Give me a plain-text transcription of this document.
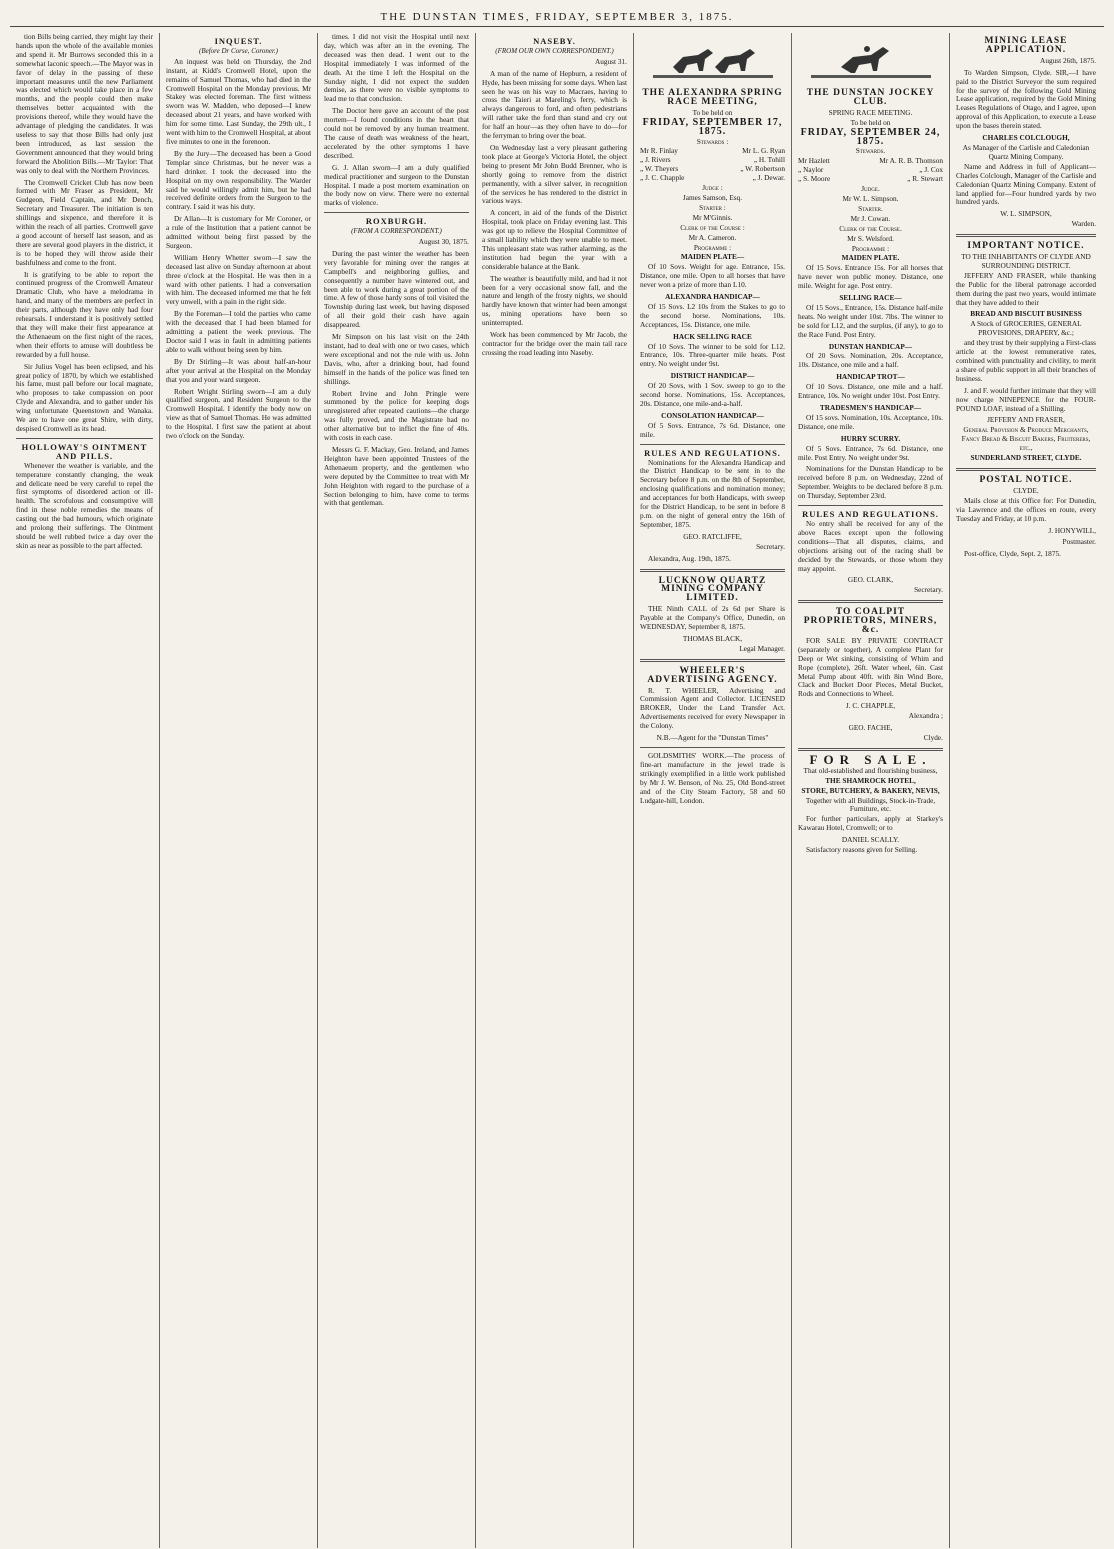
THE DUNSTAN TIMES, FRIDAY, SEPTEMBER 3, 1875.

tion Bills being carried, they might lay their hands upon the whole of the available monies and spend it. Mr Burrows seconded this in a somewhat laconic speech.—The Mayor was in favor of delay in the passing of these important measures until the new Parliament was elected which would take place in a few months, and the people could then make themselves better acquainted with the provisions thereof, while they would have the advantage of pledging the candidates. It was useless to say that those Bills had only just been introduced, as last session the Government announced that they would bring forward the Abolition Bills.—Mr Taylor: That was only to deal with the Northern Provinces.

The Cromwell Cricket Club has now been formed with Mr Fraser as President, Mr Gudgeon, Field Captain, and Mr Dench, Secretary and Treasurer. The initiation is ten shillings and sixpence, and therefore it is within the reach of all parties. Cromwell gave a good account of herself last season, and as there are several good players in the district, it is to be hoped they will throw aside their bashfulness and come to the front.

It is gratifying to be able to report the continued progress of the Cromwell Amateur Dramatic Club, who have a melodrama in hand, and many of the members are perfect in their parts, although they have only had four rehearsals. I understand it is positively settled that they will make their first appearance at the Athenaeum on the first night of the races, when their efforts to amuse will doubtless be rewarded by a full house.

Sir Julius Vogel has been eclipsed, and his great policy of 1870, by which we established his fame, must pall before our local magnate, who proposes to take compassion on poor Clyde and Alexandra, and to gather under his wing unfortunate Queenstown and Wanaka. We are to have one great Shire, with dirty, despised Cromwell as its head.

HOLLOWAY'S OINTMENT AND PILLS.

Whenever the weather is variable, and the temperature constantly changing, the weak and delicate need be very careful to repel the first symptoms of disordered action or ill-health. The scrofulous and consumptive will find in these noble remedies the means of casting out the bad humours, which originate and prolong their sufferings. The Ointment should be well rubbed twice a day over the skin as near as possible to the part affected.

INQUEST.
(Before Dr Corse, Coroner.)

An inquest was held on Thursday, the 2nd instant, at Kidd's Cromwell Hotel, upon the remains of Samuel Thomas, who had died in the Cromwell Hospital on the Monday previous. Mr Stakey was elected foreman. The first witness sworn was W. Madden, who deposed—I knew deceased about 21 years, and have worked with him for some time. Last Sunday, the 29th ult., I went with him to the Cromwell Hospital, at about five minutes to one in the forenoon.

By the Jury—The deceased has been a Good Templar since Christmas, but he never was a hard drinker. I took the deceased into the Hospital on my own responsibility. The Warder said he would willingly admit him, but he had received definite orders from the Surgeon to the contrary. I said it was his duty.

Dr Allan—It is customary for Mr Coroner, or a rule of the Institution that a patient cannot be admitted without being first passed by the Surgeon.

William Henry Whetter sworn—I saw the deceased last alive on Sunday afternoon at about three o'clock at the Hospital. He was then in a ward with other patients. I had a conversation with him. The deceased informed me that he felt very unwell, with a pain in the right side.

By the Foreman—I told the parties who came with the deceased that I had been blamed for admitting a patient the week previous. The Doctor said I was in fault in admitting patients able to walk without being seen by him.

By Dr Stirling—It was about half-an-hour after your arrival at the Hospital on the Monday that you and your ward surgeon.

Robert Wright Stirling sworn—I am a duly qualified surgeon, and Resident Surgeon to the Cromwell Hospital. I identify the body now on view as that of Samuel Thomas. He was admitted to the Hospital. I first saw the patient at about two o'clock on the Sunday.

times. I did not visit the Hospital until next day, which was after an in the evening. The deceased was then dead. I went out to the Hospital immediately I was informed of the death. At the time I left the Hospital on the Sunday night, I did not expect the sudden demise, as there were no visible symptoms to lead me to that conclusion.

The Doctor here gave an account of the post mortem—I found conditions in the heart that could not be removed by any human treatment. The cause of death was weakness of the heart, accelerated by the other symptoms I have described.

G. J. Allan sworn—I am a duly qualified medical practitioner and surgeon to the Dunstan Hospital. I made a post mortem examination on the body now on view. There were no external marks of violence.

ROXBURGH.
(FROM A CORRESPONDENT.)

August 30, 1875.

During the past winter the weather has been very favorable for mining over the ranges at Campbell's and neighboring gullies, and consequently a number have wintered out, and been able to work during a great portion of the time. A few of those hardy sons of toil visited the Township during last week, but having disposed of all their gold their cash have again disappeared.

Mr Simpson on his last visit on the 24th instant, had to deal with one or two cases, which were exceptional and not the rule with us. John Davis, who, after a drinking bout, had found himself in the hands of the police was fined ten shillings.

Robert Irvine and John Pringle were summoned by the police for keeping dogs unregistered after repeated cautions—the charge was fully proved, and the Magistrate had no other alternative but to inflict the fine of 40s. with costs in each case.

Messrs G. F. Mackay, Geo. Ireland, and James Heighton have been appointed Trustees of the Athenaeum property, and the gentlemen who were deputed by the Committee to treat with Mr John Heighton with regard to the purchase of a Section belonging to him, have come to terms with that gentleman.

NASEBY.
(FROM OUR OWN CORRESPONDENT.)

August 31.

A man of the name of Hepburn, a resident of Hyde, has been missing for some days. When last seen he was on his way to Macraes, having to cross the Taieri at Mareling's ferry, which is always dangerous to ford, and often pedestrians will rather take the ford than stand and cry out for half an hour—as they often have to do—for the ferryman to bring over the boat.

On Wednesday last a very pleasant gathering took place at George's Victoria Hotel, the object being to present Mr John Budd Brenner, who is shortly going to remove from the district permanently, with a silver salver, in recognition of the services he has rendered to the district in various ways.

A concert, in aid of the funds of the District Hospital, took place on Friday evening last. This was got up to relieve the Hospital Committee of a small liability which they were unable to meet. This unpleasant state was rather alarming, as the institution had begun the year with a considerable balance at the Bank.

The weather is beautifully mild, and had it not been for a very occasional snow fall, and the nature and length of the frosty nights, we should hardly have known that winter had been amongst us, mining operations have been so uninterrupted.

Work has been commenced by Mr Jacob, the contractor for the bridge over the main tail race crossing the road leading into Naseby.

THE ALEXANDRA SPRING RACE MEETING,

To be held on

FRIDAY, SEPTEMBER 17, 1875.

Stewards :

Mr R. Finlay	Mr L. G. Ryan
„ J. Rivers	„ H. Tohill
„ W. Theyers	„ W. Robertson
„ J. C. Chapple	„ J. Dewar.

Judge :

James Samson, Esq.

Starter :

Mr M'Ginnis.

Clerk of the Course :

Mr A. Cameron.

Programme :

MAIDEN PLATE—

Of 10 Sovs. Weight for age. Entrance, 15s. Distance, one mile. Open to all horses that have never won a prize of more than L10.

ALEXANDRA HANDICAP—

Of 15 Sovs. L2 10s from the Stakes to go to the second horse. Nominations, 10s. Acceptances, 15s. Distance, one mile.

HACK SELLING RACE

Of 10 Sovs. The winner to be sold for L12. Entrance, 10s. Three-quarter mile heats. Post entry. No weight under 9st.

DISTRICT HANDICAP—

Of 20 Sovs, with 1 Sov. sweep to go to the second horse. Nominations, 15s. Acceptances, 20s. Distance, one mile-and-a-half.

CONSOLATION HANDICAP—

Of 5 Sovs. Entrance, 7s 6d. Distance, one mile.

RULES AND REGULATIONS.

Nominations for the Alexandra Handicap and the District Handicap to be sent in to the Secretary before 8 p.m. on the 8th of September, enclosing qualifications and nomination money; and acceptances for both Handicaps, with sweep for the District Handicap, to be sent in before 8 p.m. on the night of general entry the 16th of September, 1875.

GEO. RATCLIFFE,

Secretary.

Alexandra, Aug. 19th, 1875.

LUCKNOW QUARTZ MINING COMPANY LIMITED.

THE Ninth CALL of 2s 6d per Share is Payable at the Company's Office, Dunedin, on WEDNESDAY, September 8, 1875.

THOMAS BLACK,

Legal Manager.

WHEELER'S ADVERTISING AGENCY.

R. T. WHEELER, Advertising and Commission Agent and Collector. LICENSED BROKER, Under the Land Transfer Act. Advertisements received for every Newspaper in the Colony.

N.B.—Agent for the "Dunstan Times"

GOLDSMITHS' WORK.—The process of fine-art manufacture in the jewel trade is strikingly exemplified in a little work published by Mr J. W. Benson, of No. 25, Old Bond-street and of the City Steam Factory, 58 and 60 Ludgate-hill, London.

THE DUNSTAN JOCKEY CLUB.

SPRING RACE MEETING.

To be held on

FRIDAY, SEPTEMBER 24, 1875.

Stewards.

Mr Hazlett	Mr A. R. B. Thomson
„ Naylor	„ J. Cox
„ S. Moore	„ R. Stewart

Judge.

Mr W. L. Simpson.

Starter.

Mr J. Cowan.

Clerk of the Course.

Mr S. Welsford.

Programme :

MAIDEN PLATE.

Of 15 Sovs. Entrance 15s. For all horses that have never won public money. Distance, one mile. Weight for age. Post entry.

SELLING RACE—

Of 15 Sovs., Entrance, 15s. Distance half-mile heats. No weight under 10st. 7lbs. The winner to be sold for L12, and the surplus, (if any), to go to the Race Fund. Post Entry.

DUNSTAN HANDICAP—

Of 20 Sovs. Nomination, 20s. Acceptance, 10s. Distance, one mile and a half.

HANDICAP TROT—

Of 10 Sovs. Distance, one mile and a half. Entrance, 10s. No weight under 10st. Post Entry.

TRADESMEN'S HANDICAP—

Of 15 sovs. Nomination, 10s. Acceptance, 10s. Distance, one mile.

HURRY SCURRY.

Of 5 Sovs. Entrance, 7s 6d. Distance, one mile. Post Entry. No weight under 9st.

Nominations for the Dunstan Handicap to be received before 8 p.m. on Wednesday, 22nd of September. Weights to be declared before 8 p.m. on Thursday, September 23rd.

RULES AND REGULATIONS.

No entry shall be received for any of the above Races except upon the following conditions—That all disputes, claims, and objections arising out of the racing shall be decided by the Stewards, or those whom they may appoint.

GEO. CLARK,

Secretary.

TO COALPIT PROPRIETORS, MINERS, &c.

FOR SALE BY PRIVATE CONTRACT (separately or together), A complete Plant for Deep or Wet sinking, consisting of Whim and Rope (complete), 26ft. Water wheel, 6in. Cast Metal Pump about 40ft. with 8in Wind Bore, Clack and Bucket Door Pieces, Metal Bucket, Rods and Connections to Wheel.

J. C. CHAPPLE,

Alexandra ;

GEO. FACHE,

Clyde.

FOR SALE.

That old-established and flourishing business,

THE SHAMROCK HOTEL,

STORE, BUTCHERY, & BAKERY, NEVIS,

Together with all Buildings, Stock-in-Trade, Furniture, etc.

For further particulars, apply at Starkey's Kawarau Hotel, Cromwell; or to

DANIEL SCALLY.

Satisfactory reasons given for Selling.

MINING LEASE APPLICATION.

August 26th, 1875.

To Warden Simpson, Clyde. SIR,—I have paid to the District Surveyor the sum required for the survey of the following Gold Mining Lease application, required by the Gold Mining Leases Regulations of Otago, and I agree, upon approval of this Application, to execute a Lease upon the bases therein stated.

CHARLES COLCLOUGH,

As Manager of the Carlisle and Caledonian Quartz Mining Company.

Name and Address in full of Applicant—Charles Colclough, Manager of the Carlisle and Caledonian Quartz Mining Company. Extent of land applied for—Four hundred yards by two hundred yards.

W. L. SIMPSON,

Warden.

IMPORTANT NOTICE.

TO THE INHABITANTS OF CLYDE AND SURROUNDING DISTRICT.

JEFFERY AND FRASER, while thanking the Public for the liberal patronage accorded them during the past two years, would intimate that they have added to their

BREAD AND BISCUIT BUSINESS

A Stock of GROCERIES, GENERAL PROVISIONS, DRAPERY, &c.;

and they trust by their supplying a First-class article at the lowest remunerative rates, combined with punctuality and civility, to merit a share of public support in all their branches of business.

J. and F. would further intimate that they will now charge NINEPENCE for the FOUR-POUND LOAF, instead of a Shilling.

JEFFERY AND FRASER,

General Provision & Produce Merchants, Fancy Bread & Biscuit Bakers, Fruiterers, etc.,

SUNDERLAND STREET, CLYDE.

POSTAL NOTICE.

CLYDE.

Mails close at this Office for: For Dunedin, via Lawrence and the offices en route, every Tuesday and Friday, at 10 p.m.

J. HONYWILL,

Postmaster.

Post-office, Clyde, Sept. 2, 1875.
